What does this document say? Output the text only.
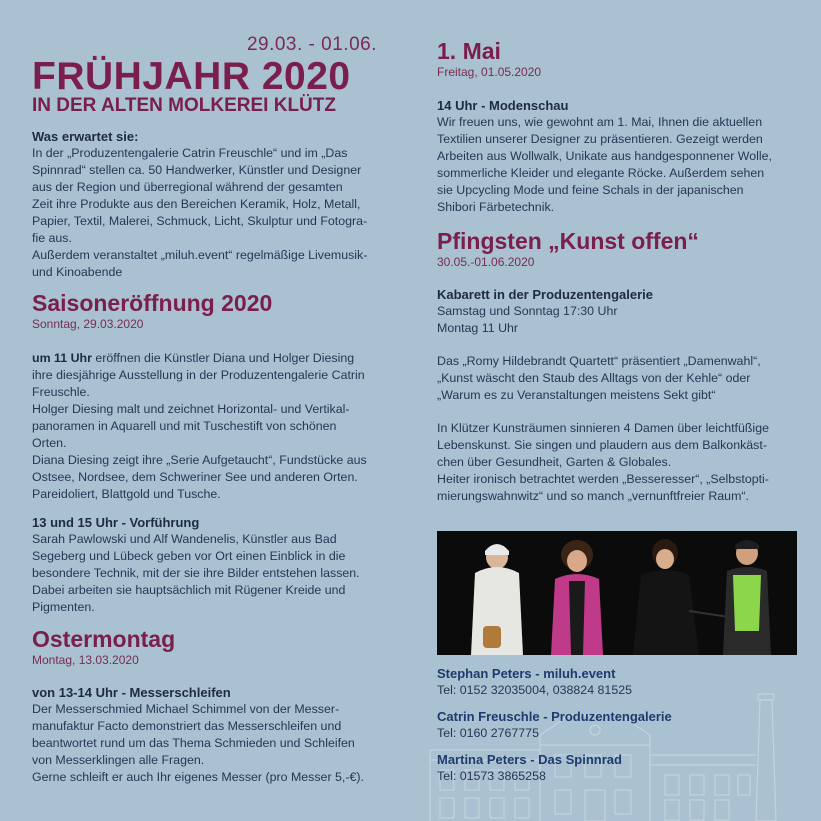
29.03. - 01.06.
FRÜHJAHR 2020
IN DER ALTEN MOLKEREI KLÜTZ
Was erwartet sie:

In der „Produzentengalerie Catrin Freuschle“ und im „Das

Spinnrad“ stellen ca. 50 Handwerker, Künstler und Designer

aus der Region und überregional während der gesamten

Zeit ihre Produkte aus den Bereichen Keramik, Holz, Metall,

Papier, Textil, Malerei, Schmuck, Licht, Skulptur und Fotogra-

fie aus.

Außerdem veranstaltet „miluh.event“ regelmäßige Livemusik-

und Kinoabende

Saisoneröffnung 2020
Sonntag, 29.03.2020

um 11 Uhr eröffnen die Künstler Diana und Holger Diesing

ihre diesjährige Ausstellung in der Produzentengalerie Catrin

Freuschle.

Holger Diesing malt und zeichnet Horizontal- und Vertikal-

panoramen in Aquarell und mit Tuschestift von schönen

Orten.

Diana Diesing zeigt ihre „Serie Aufgetaucht“, Fundstücke aus

Ostsee, Nordsee, dem Schweriner See und anderen Orten.

Pareidoliert, Blattgold und Tusche.

13 und 15 Uhr - Vorführung

Sarah Pawlowski und Alf Wandenelis, Künstler aus Bad

Segeberg und Lübeck geben vor Ort einen Einblick in die

besondere Technik, mit der sie ihre Bilder entstehen lassen.

Dabei arbeiten sie hauptsächlich mit Rügener Kreide und

Pigmenten.

Ostermontag
Montag, 13.03.2020
von 13-14 Uhr - Messerschleifen

Der Messerschmied Michael Schimmel von der Messer-

manufaktur Facto demonstriert das Messerschleifen und

beantwortet rund um das Thema Schmieden und Schleifen

von Messerklingen alle Fragen.

Gerne schleift er auch Ihr eigenes Messer (pro Messer 5,-€).

1. Mai
Freitag, 01.05.2020
14 Uhr - Modenschau

Wir freuen uns, wie gewohnt am 1. Mai, Ihnen die aktuellen

Textilien unserer Designer zu präsentieren. Gezeigt werden

Arbeiten aus Wollwalk, Unikate aus handgesponnener Wolle,

sommerliche Kleider und elegante Röcke. Außerdem sehen

sie Upcycling Mode und feine Schals in der japanischen

Shibori Färbetechnik.

Pfingsten „Kunst offen“
30.05.-01.06.2020
Kabarett in der Produzentengalerie

Samstag und Sonntag 17:30 Uhr

Montag 11 Uhr

Das „Romy Hildebrandt Quartett“ präsentiert „Damenwahl“,

„Kunst wäscht den Staub des Alltags von der Kehle“ oder

„Warum es zu Veranstaltungen meistens Sekt gibt“

In Klützer Kunsträumen sinnieren 4 Damen über leichtfüßige

Lebenskunst. Sie singen und plaudern aus dem Balkonkäst-

chen über Gesundheit, Garten & Globales.

Heiter ironisch betrachtet werden „Besseresser“, „Selbstopti-

mierungswahnwitz“ und so manch „vernunftfreier Raum“.

Stephan Peters - miluh.event
Tel: 0152 32035004, 038824 81525
Catrin Freuschle - Produzentengalerie
Tel: 0160 2767775
Martina Peters - Das Spinnrad
Tel: 01573 3865258
